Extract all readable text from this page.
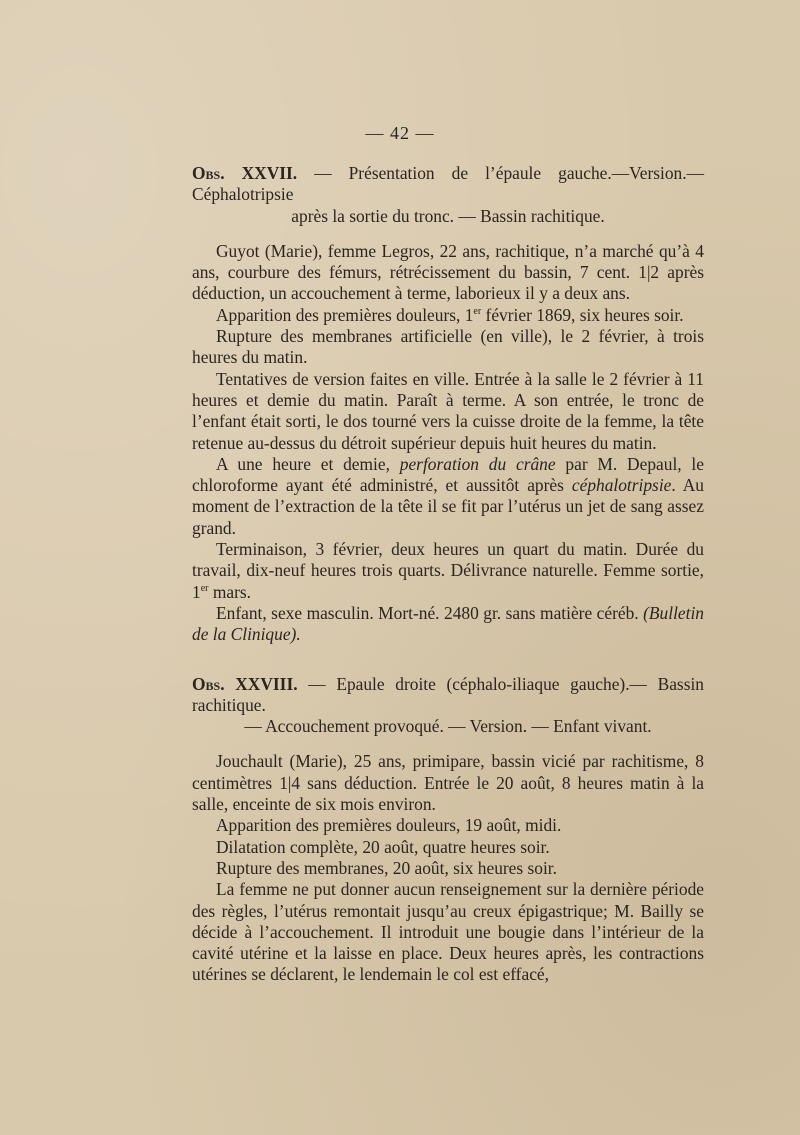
— 42 —

Obs. XXVII. — Présentation de l’épaule gauche.—Version.—Céphalotripsie

après la sortie du tronc. — Bassin rachitique.

Guyot (Marie), femme Legros, 22 ans, rachitique, n’a marché qu’à 4 ans, courbure des fémurs, rétrécissement du bassin, 7 cent. 1|2 après déduction, un accouchement à terme, laborieux il y a deux ans.

Apparition des premières douleurs, 1er février 1869, six heures soir.

Rupture des membranes artificielle (en ville), le 2 février, à trois heures du matin.

Tentatives de version faites en ville. Entrée à la salle le 2 février à 11 heures et demie du matin. Paraît à terme. A son entrée, le tronc de l’enfant était sorti, le dos tourné vers la cuisse droite de la femme, la tête retenue au-dessus du détroit supérieur depuis huit heures du matin.

A une heure et demie, perforation du crâne par M. Depaul, le chloroforme ayant été administré, et aussitôt après céphalotripsie. Au moment de l’extraction de la tête il se fit par l’utérus un jet de sang assez grand.

Terminaison, 3 février, deux heures un quart du matin. Durée du travail, dix-neuf heures trois quarts. Délivrance naturelle. Femme sortie, 1er mars.

Enfant, sexe masculin. Mort-né. 2480 gr. sans matière céréb. (Bulletin de la Clinique).

Obs. XXVIII. — Epaule droite (céphalo-iliaque gauche).— Bassin rachitique.

— Accouchement provoqué. — Version. — Enfant vivant.

Jouchault (Marie), 25 ans, primipare, bassin vicié par rachitisme, 8 centimètres 1|4 sans déduction. Entrée le 20 août, 8 heures matin à la salle, enceinte de six mois environ.

Apparition des premières douleurs, 19 août, midi.

Dilatation complète, 20 août, quatre heures soir.

Rupture des membranes, 20 août, six heures soir.

La femme ne put donner aucun renseignement sur la dernière période des règles, l’utérus remontait jusqu’au creux épigastrique; M. Bailly se décide à l’accouchement. Il introduit une bougie dans l’intérieur de la cavité utérine et la laisse en place. Deux heures après, les contractions utérines se déclarent, le lendemain le col est effacé,
